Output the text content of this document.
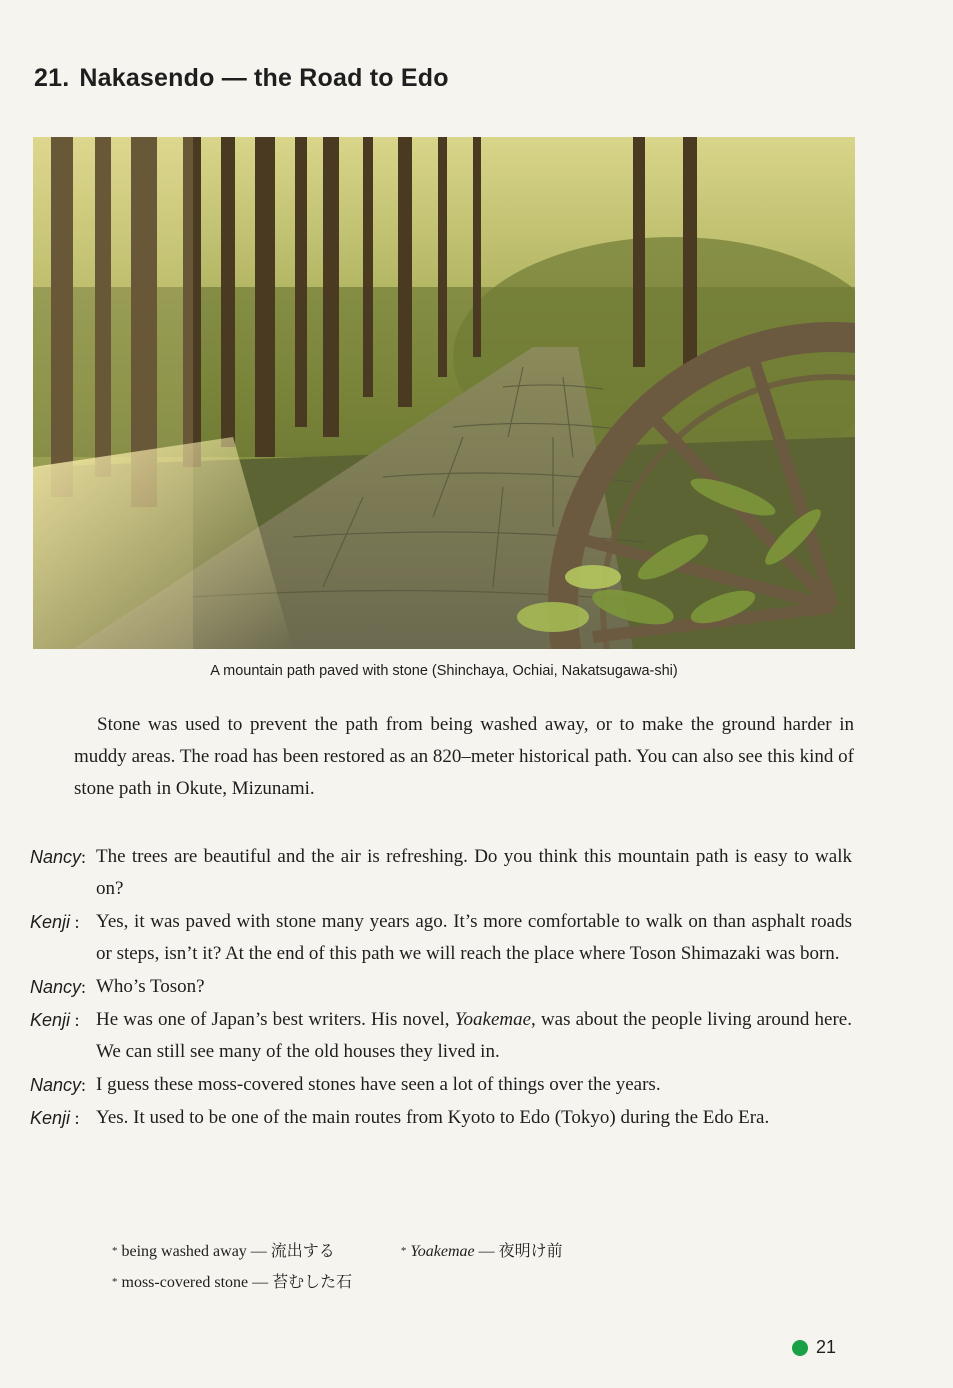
21. Nakasendo — the Road to Edo
A mountain path paved with stone (Shinchaya, Ochiai, Nakatsugawa-shi)

Stone was used to prevent the path from being washed away, or to make the ground harder in muddy areas. The road has been restored as an 820–meter historical path. You can also see this kind of stone path in Okute, Mizunami.

Nancy: The trees are beautiful and the air is refreshing. Do you think this mountain path is easy to walk on?
Kenji : Yes, it was paved with stone many years ago. It’s more comfortable to walk on than asphalt roads or steps, isn’t it? At the end of this path we will reach the place where Toson Shimazaki was born.
Nancy: Who’s Toson?
Kenji : He was one of Japan’s best writers. His novel, Yoakemae, was about the people living around here. We can still see many of the old houses they lived in.
Nancy: I guess these moss-covered stones have seen a lot of things over the years.
Kenji : Yes. It used to be one of the main routes from Kyoto to Edo (Tokyo) during the Edo Era.
* being washed away — 流出する	* Yoakemae — 夜明け前
* moss-covered stone — 苔むした石
21
